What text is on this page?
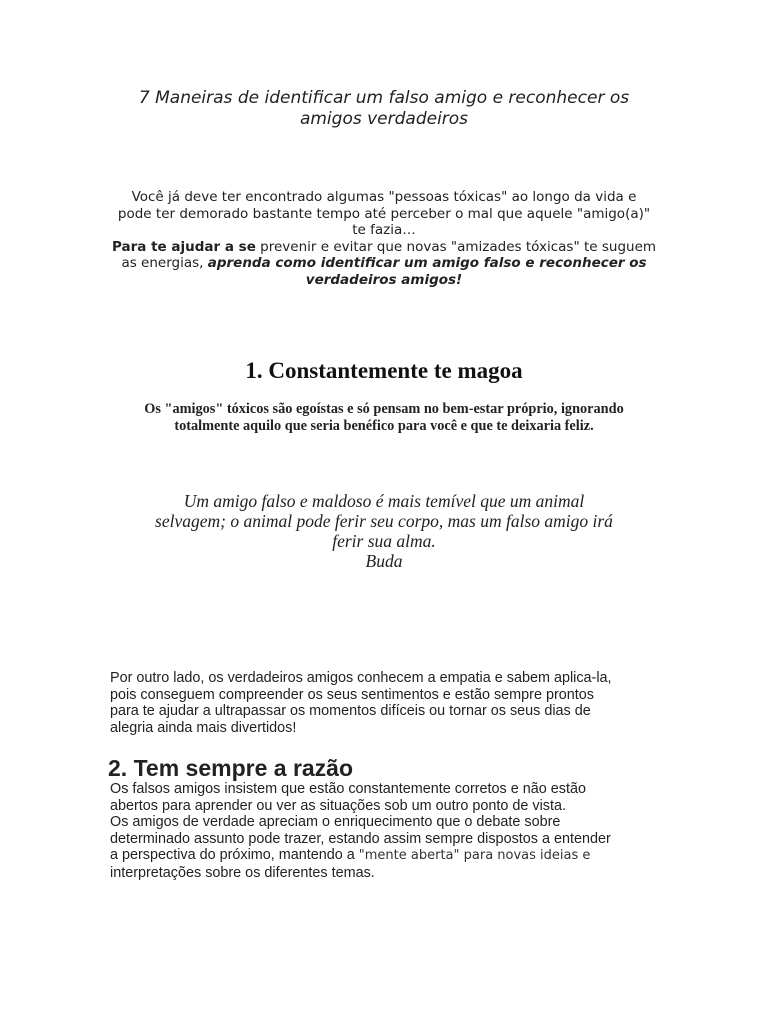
7 Maneiras de identificar um falso amigo e reconhecer os
amigos verdadeiros

Você já deve ter encontrado algumas "pessoas tóxicas" ao longo da vida e
pode ter demorado bastante tempo até perceber o mal que aquele "amigo(a)"
te fazia…
Para te ajudar a se prevenir e evitar que novas "amizades tóxicas" te suguem
as energias, aprenda como identificar um amigo falso e reconhecer os
verdadeiros amigos!

1. Constantemente te magoa

Os "amigos" tóxicos são egoístas e só pensam no bem-estar próprio, ignorando
totalmente aquilo que seria benéfico para você e que te deixaria feliz.

Um amigo falso e maldoso é mais temível que um animal
selvagem; o animal pode ferir seu corpo, mas um falso amigo irá
ferir sua alma.
Buda

Por outro lado, os verdadeiros amigos conhecem a empatia e sabem aplica-la,
pois conseguem compreender os seus sentimentos e estão sempre prontos
para te ajudar a ultrapassar os momentos difíceis ou tornar os seus dias de
alegria ainda mais divertidos!

2. Tem sempre a razão

Os falsos amigos insistem que estão constantemente corretos e não estão
abertos para aprender ou ver as situações sob um outro ponto de vista.
Os amigos de verdade apreciam o enriquecimento que o debate sobre
determinado assunto pode trazer, estando assim sempre dispostos a entender
a perspectiva do próximo, mantendo a "mente aberta" para novas ideias e
interpretações sobre os diferentes temas.
